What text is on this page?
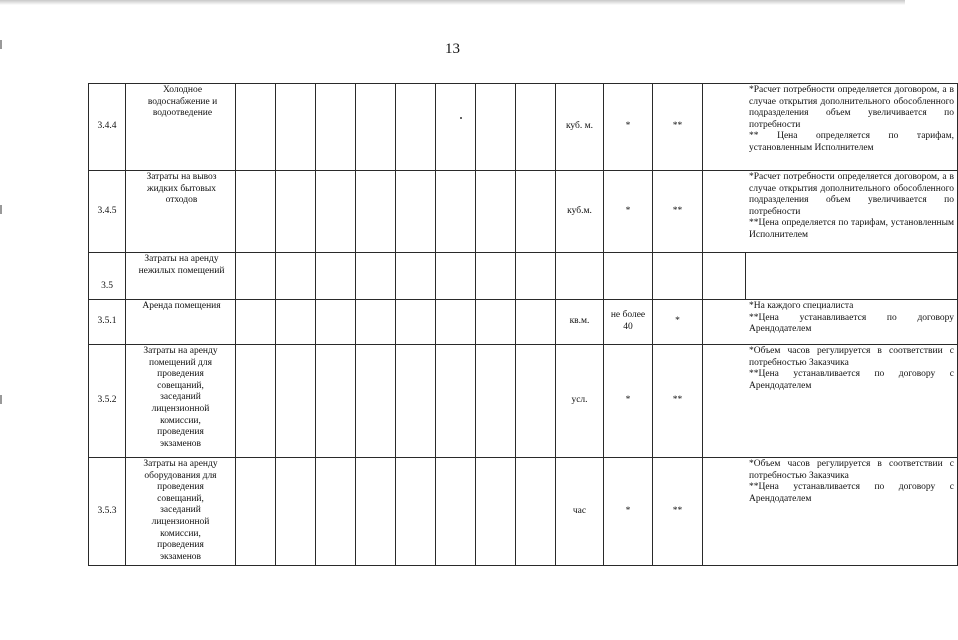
13
3.4.4	Холодное водоснабжение и водоотведение									куб. м.	*	**	*Расчет потребности определяется договором, а в случае открытия дополнительного обособленного подразделения объем увеличивается по потребности
** Цена определяется по тарифам, установленным Исполнителем	

3.4.5	Затраты на вывоз жидких бытовых отходов									куб.м.	*	**	*Расчет потребности определяется договором, а в случае открытия дополнительного обособленного подразделения объем увеличивается по потребности
**Цена определяется по тарифам, установленным Исполнителем	

3.5	Затраты на аренду нежилых помещений													
3.5.1	Аренда помещения									кв.м.	не более 40	*	*На каждого специалиста
**Цена устанавливается по договору Арендодателем	

3.5.2	Затраты на аренду помещений для проведения совещаний, заседаний лицензионной комиссии, проведения экзаменов									усл.	*	**	*Объем часов регулируется в соответствии с потребностью Заказчика
**Цена устанавливается по договору с Арендодателем	

3.5.3	Затраты на аренду оборудования для проведения совещаний, заседаний лицензионной комиссии, проведения экзаменов									час	*	**	*Объем часов регулируется в соответствии с потребностью Заказчика
**Цена устанавливается по договору с Арендодателем	
